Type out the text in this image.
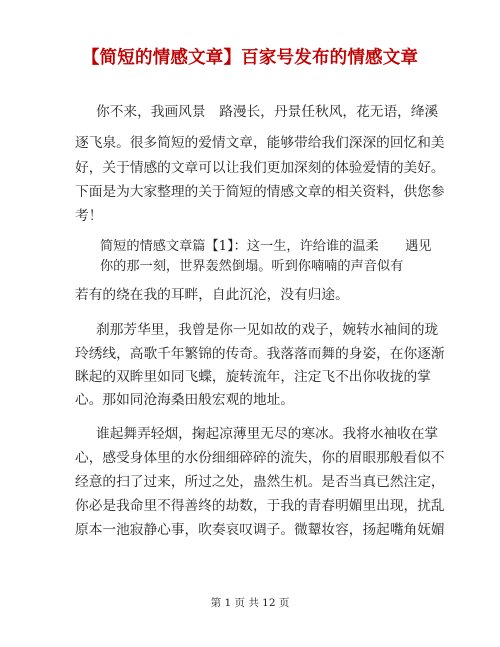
【简短的情感文章】百家号发布的情感文章
你不来，我画风景　路漫长，丹景任秋风，花无语，绛溪
逐飞泉。很多简短的爱情文章，能够带给我们深深的回忆和美
好，关于情感的文章可以让我们更加深刻的体验爱情的美好。
下面是为大家整理的关于简短的情感文章的相关资料，供您参
考！
简短的情感文章篇【1】：这一生，许给谁的温柔　　遇见
你的那一刻，世界轰然倒塌。听到你喃喃的声音似有
若有的绕在我的耳畔，自此沉沦，没有归途。
刹那芳华里，我曾是你一见如故的戏子，婉转水袖间的珑
玲绣线，高歌千年繁锦的传奇。我落落而舞的身姿，在你逐渐
眯起的双眸里如同飞蝶，旋转流年，注定飞不出你收拢的掌
心。那如同沧海桑田般宏观的地址。
谁起舞弄轻烟，掬起凉薄里无尽的寒冰。我将水袖收在掌
心，感受身体里的水份细细碎碎的流失，你的眉眼那般看似不
经意的扫了过来，所过之处，蛊然生机。是否当真已然注定，
你必是我命里不得善终的劫数，于我的青春明媚里出现，扰乱
原本一池寂静心事，吹奏哀叹调子。微颦妆容，扬起嘴角妩媚
第 1 页 共 12 页
